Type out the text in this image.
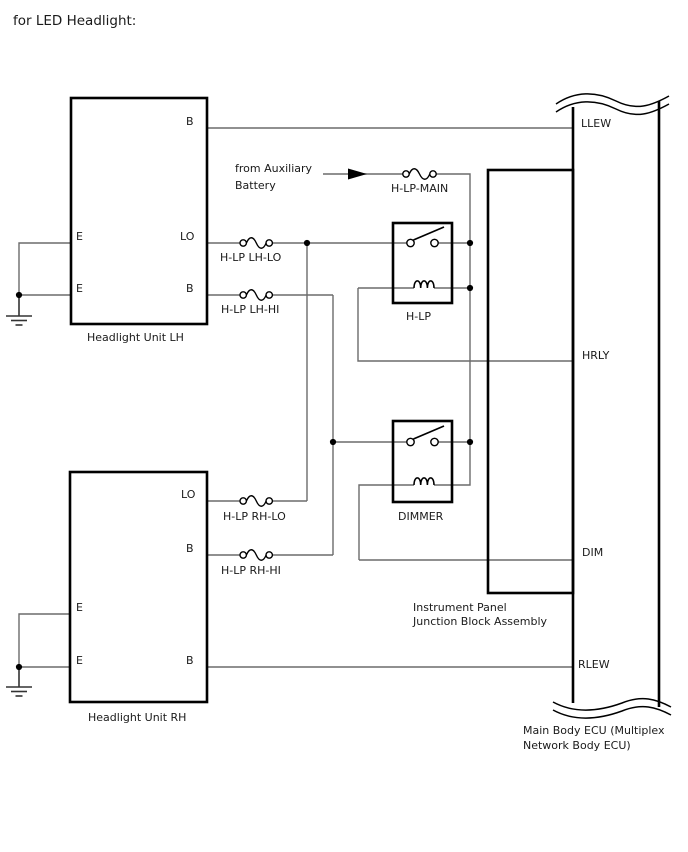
for LED Headlight:
B
E	LO
E	B
Headlight Unit LH
from Auxiliary
Battery	H-LP-MAIN
H-LP LH-LO
H-LP LH-HI
H-LP RH-LO
H-LP RH-HI
H-LP
DIMMER
LO
B
E
E	B
Headlight Unit RH
Instrument Panel
Junction Block Assembly
LLEW
HRLY
DIM
RLEW
Main Body ECU (Multiplex
Network Body ECU)
